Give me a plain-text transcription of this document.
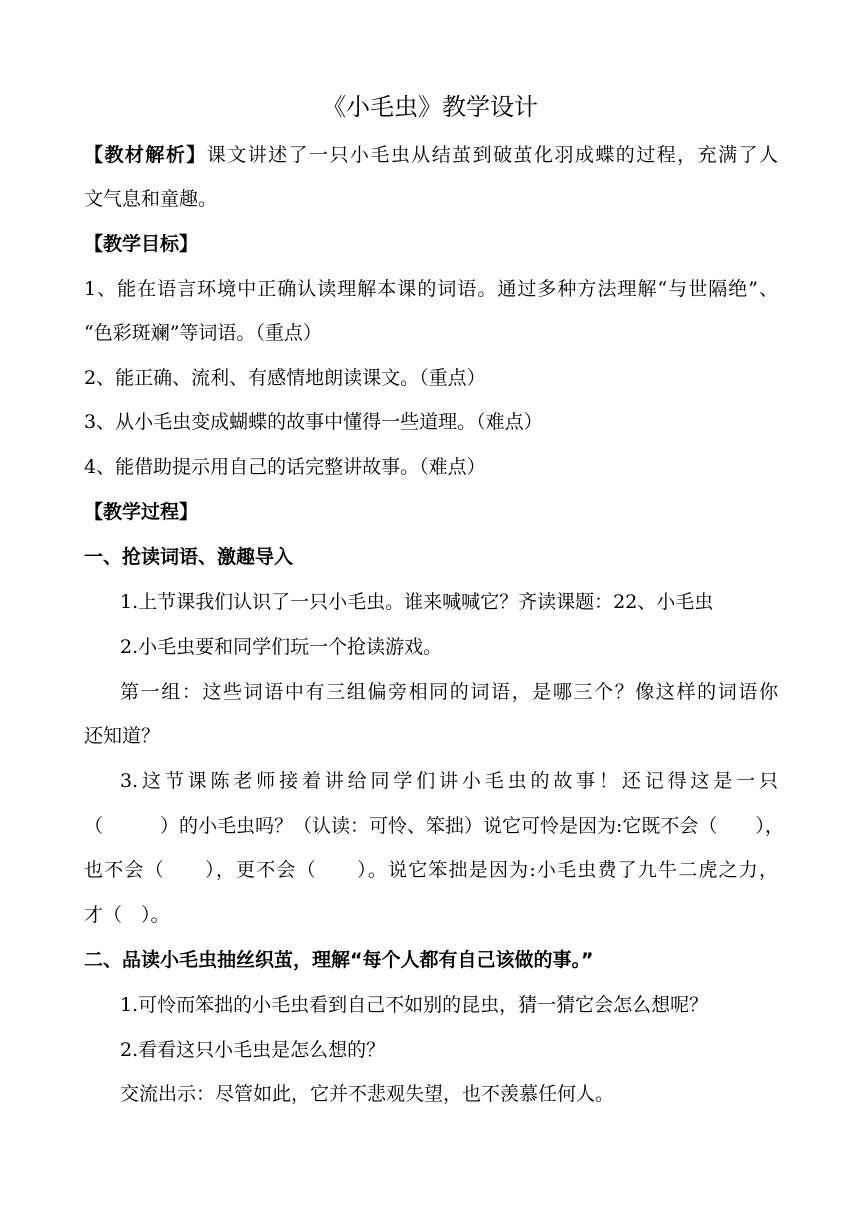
《小毛虫》教学设计
【教材解析】课文讲述了一只小毛虫从结茧到破茧化羽成蝶的过程，充满了人
文气息和童趣。
【教学目标】
1、能在语言环境中正确认读理解本课的词语。通过多种方法理解“与世隔绝”、
“色彩斑斓”等词语。（重点）
2、能正确、流利、有感情地朗读课文。（重点）
3、从小毛虫变成蝴蝶的故事中懂得一些道理。（难点）
4、能借助提示用自己的话完整讲故事。（难点）
【教学过程】
一、抢读词语、激趣导入
1.上节课我们认识了一只小毛虫。谁来喊喊它？齐读课题：22、小毛虫
2.小毛虫要和同学们玩一个抢读游戏。
第一组：这些词语中有三组偏旁相同的词语，是哪三个？像这样的词语你
还知道？
3.这节课陈老师接着讲给同学们讲小毛虫的故事！还记得这是一只
（　　　）的小毛虫吗？（认读：可怜、笨拙）说它可怜是因为:它既不会（　　），
也不会（　　），更不会（　　）。说它笨拙是因为:小毛虫费了九牛二虎之力，
才（　）。
二、品读小毛虫抽丝织茧，理解“每个人都有自己该做的事。”
1.可怜而笨拙的小毛虫看到自己不如别的昆虫，猜一猜它会怎么想呢？
2.看看这只小毛虫是怎么想的？
交流出示：尽管如此，它并不悲观失望，也不羡慕任何人。
